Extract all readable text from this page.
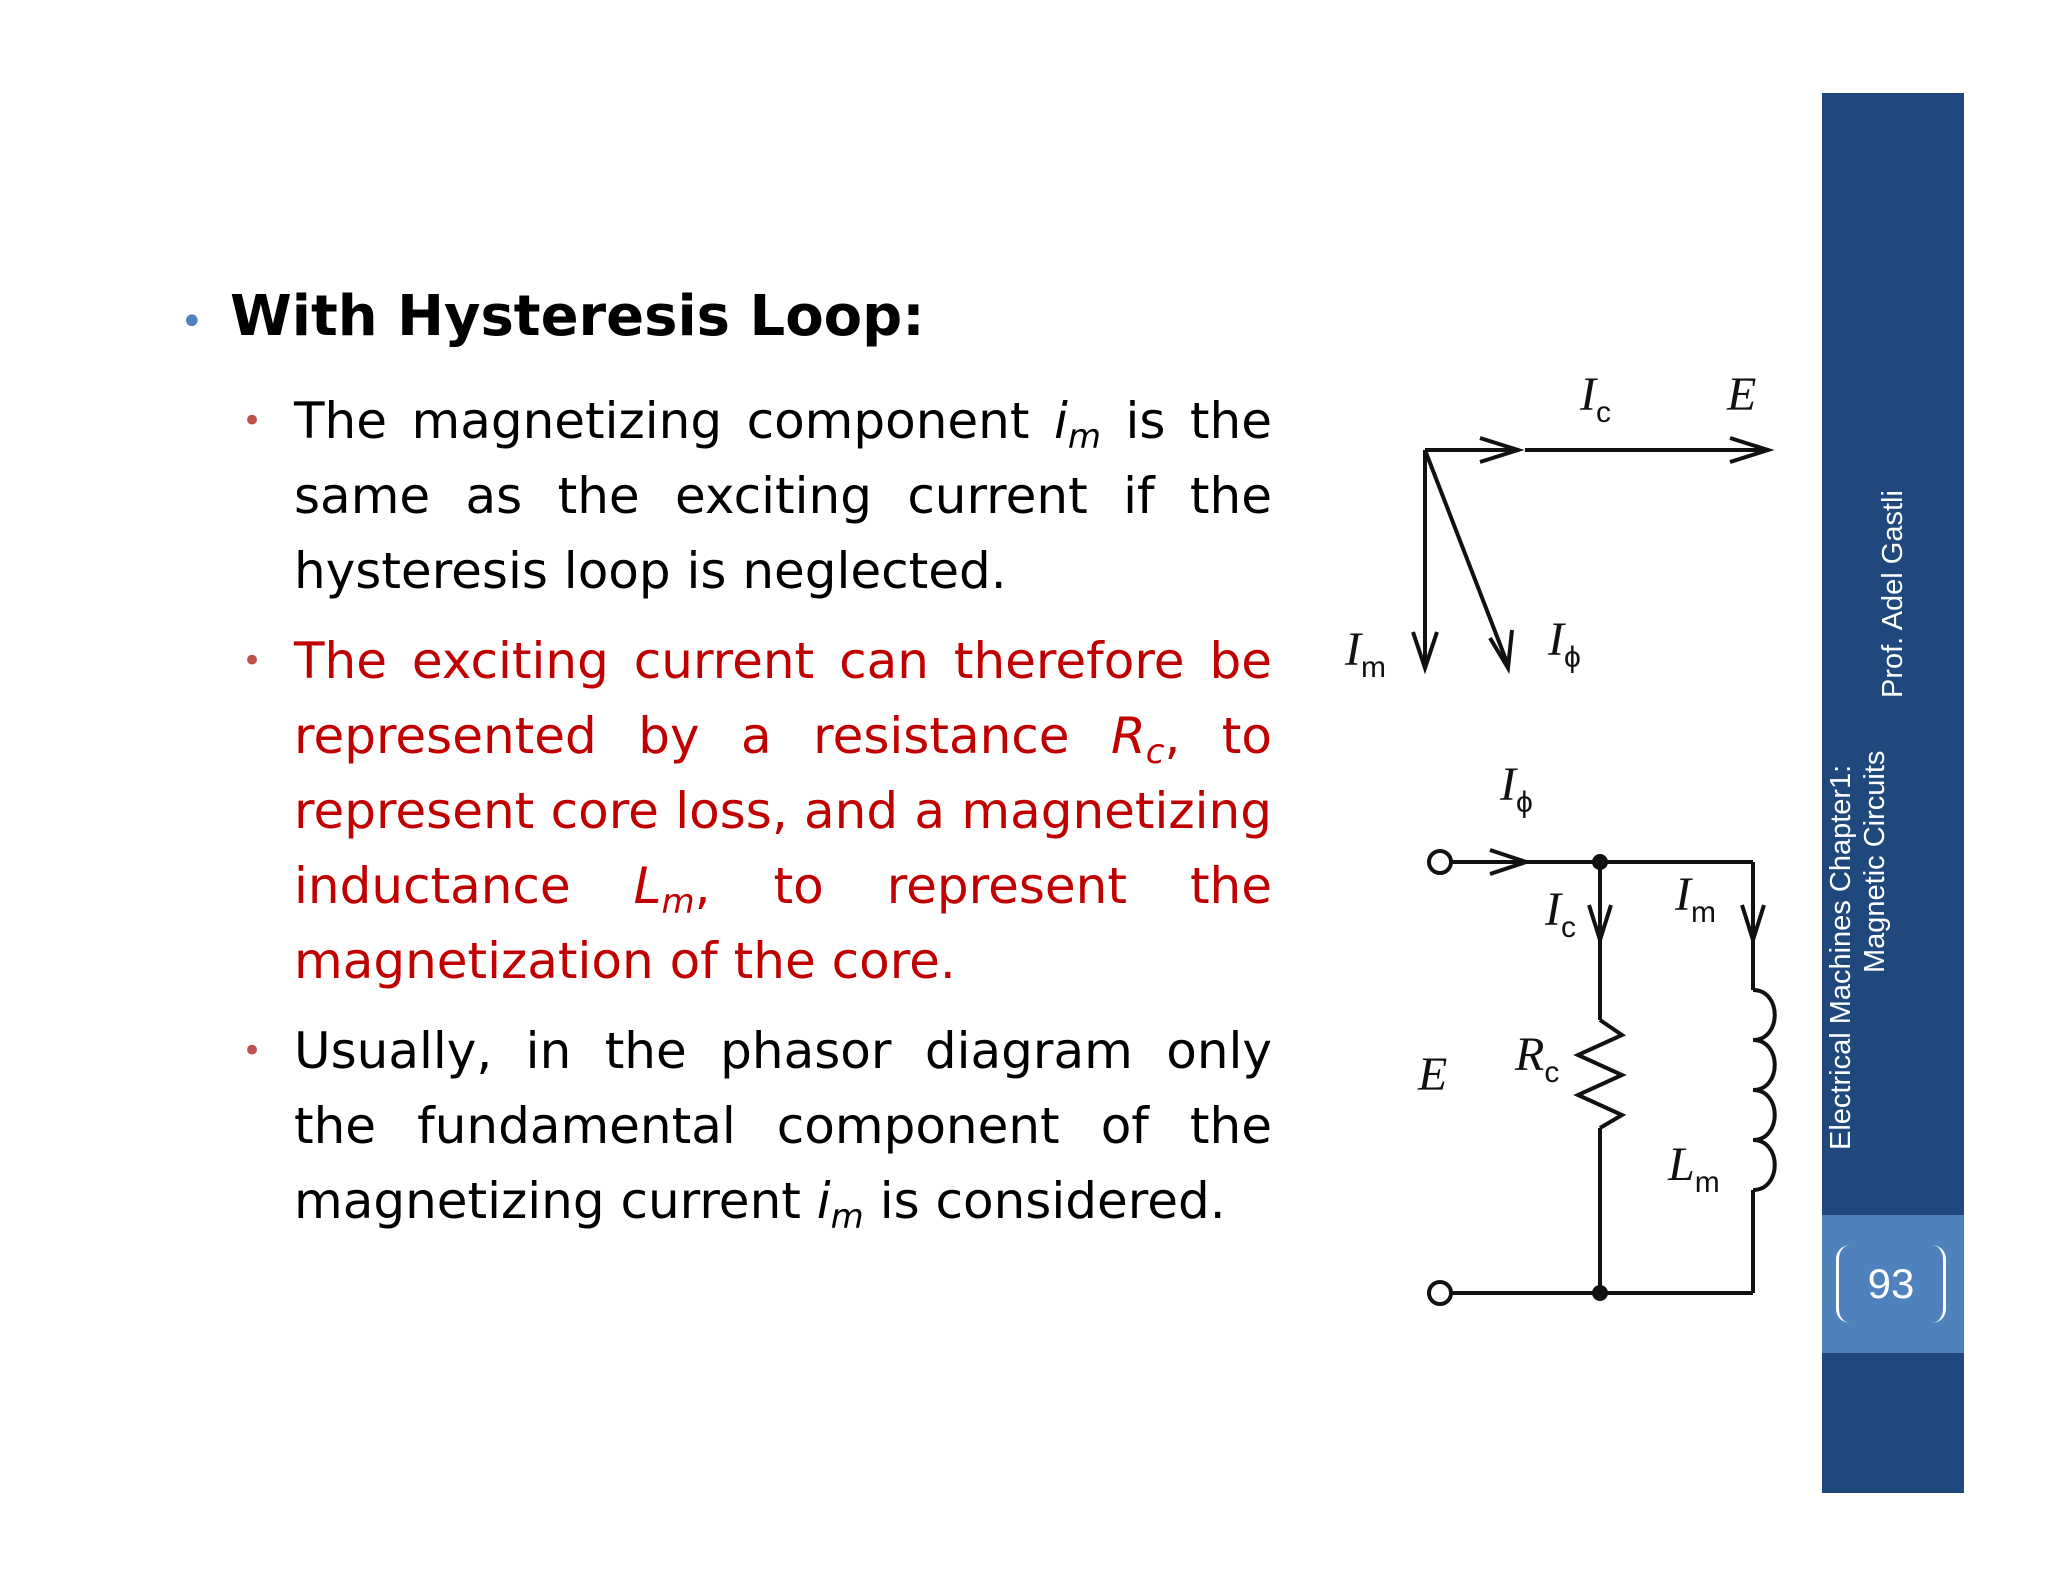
• With Hysteresis Loop:
• The magnetizing component $i_m$ is the same as the exciting current if the hysteresis loop is neglected.
• The exciting current can therefore be represented by a resistance $R_c$, to represent core loss, and a magnetizing inductance $L_m$, to represent the magnetization of the core.
• Usually, in the phasor diagram only the fundamental component of the magnetizing current $i_m$ is considered.
$I_c$ E
$I_m$
$I_\phi$
$I_\phi$
$I_c$
$I_m$
E $R_c$
$L_m$
Prof. Adel Gastli
Electrical Machines Chapter1: Magnetic Circuits
93
